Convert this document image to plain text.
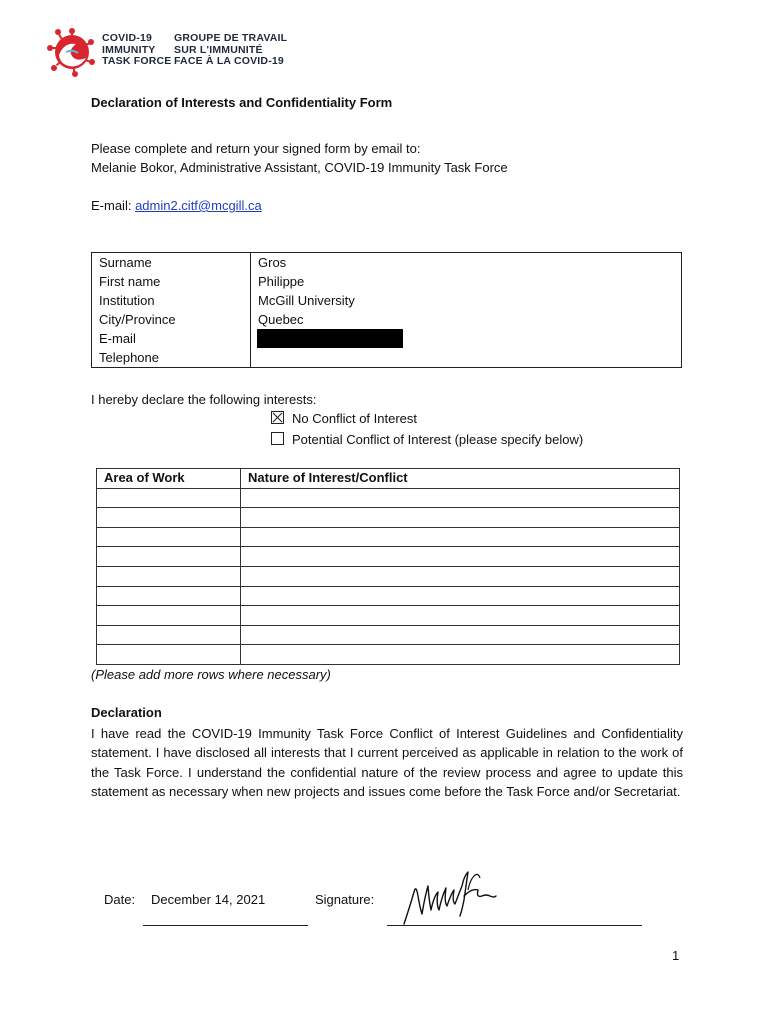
COVID-19
IMMUNITY
TASK FORCE
GROUPE DE TRAVAIL
SUR L'IMMUNITÉ
FACE À LA COVID-19
Declaration of Interests and Confidentiality Form
Please complete and return your signed form by email to:
Melanie Bokor, Administrative Assistant, COVID-19 Immunity Task Force
E-mail: admin2.citf@mcgill.ca
Surname	Gros
First name	Philippe
Institution	McGill University
City/Province	Quebec
E-mail	
Telephone	
I hereby declare the following interests:
No Conflict of Interest
Potential Conflict of Interest (please specify below)
Area of Work	Nature of Interest/Conflict

(Please add more rows where necessary)
Declaration
I have read the COVID-19 Immunity Task Force Conflict of Interest Guidelines and Confidentiality statement. I have disclosed all interests that I current perceived as applicable in relation to the work of the Task Force. I understand the confidential nature of the review process and agree to update this statement as necessary when new projects and issues come before the Task Force and/or Secretariat.
Date: December 14, 2021	Signature:
1
